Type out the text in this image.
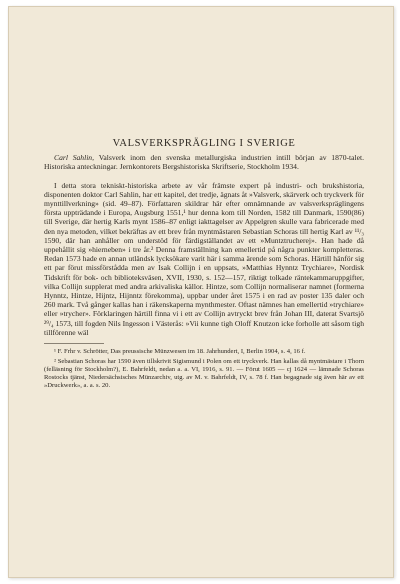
VALSVERKSPRÄGLING I SVERIGE

Carl Sahlin, Valsverk inom den svenska metallurgiska industrien intill början av 1870-talet. Historiska anteckningar. Jernkontorets Bergshistoriska Skriftserie, Stockholm 1934.

I detta stora tekniskt-historiska arbete av vår främste expert på industri- och brukshistoria, disponenten doktor Carl Sahlin, har ett kapitel, det tredje, ägnats åt »Valsverk, skärverk och tryckverk för mynttillverkning» (sid. 49–87). Författaren skildrar här efter omnämnande av valsverkspräglingens första uppträdande i Europa, Augsburg 1551,¹ hur denna kom till Norden, 1582 till Danmark, 1590(86) till Sverige, där hertig Karls mynt 1586–87 enligt iakttagelser av Appelgren skulle vara fabricerade med den nya metoden, vilket bekräftas av ett brev från myntmästaren Sebastian Schoras till hertig Karl av ¹¹/₃ 1590, där han anhåller om understöd för färdigställandet av ett »Muntztrucherej». Han hade då uppehållit sig »hierneben» i tre år.² Denna framställning kan emellertid på några punkter kompletteras. Redan 1573 hade en annan utländsk lycksökare varit här i samma ärende som Schoras. Härtill hänför sig ett par förut missförstådda men av Isak Collijn i en uppsats, »Matthias Hynntz Trychiare», Nordisk Tidskrift för bok- och biblioteksväsen, XVII, 1930, s. 152—157, riktigt tolkade räntekammaruppgifter, vilka Collijn supplerat med andra arkivaliska källor. Hintze, som Collijn normaliserar namnet (formerna Hynntz, Hintze, Hijntz, Hijnntz förekomma), uppbar under året 1575 i en rad av poster 135 daler och 260 mark. Två gånger kallas han i räkenskaperna mynthmester. Oftast nämnes han emellertid »trychiare» eller »trycher». Förklaringen härtill finna vi i ett av Collijn avtryckt brev från Johan III, daterat Svartsjö ²⁹/₄ 1573, till fogden Nils Ingesson i Västerås: »Vii kunne tigh Oloff Knutzon icke forholle att såsom tigh tillförenne wäl

¹ F. Frhr v. Schrötter, Das preussische Münzwesen im 18. Jahrhundert, I, Berlin 1904, s. 4, 16 f.

² Sebastian Schoras har 1590 även tillskrivit Sigismund i Polen om ett tryckverk. Han kallas då myntmästare i Thorn (felläsning för Stockholm?), E. Bahrfeldt, nedan a. a. VI, 1916, s. 91. — Förut 1605 — cj 1624 — lämnade Schoras Rostocks tjänst, Niedersächsisches Münzarchiv, utg. av M. v. Bahrfeldt, IV, s. 78 f. Han begagnade sig även här av ett »Druckwerk», a. a. s. 20.
